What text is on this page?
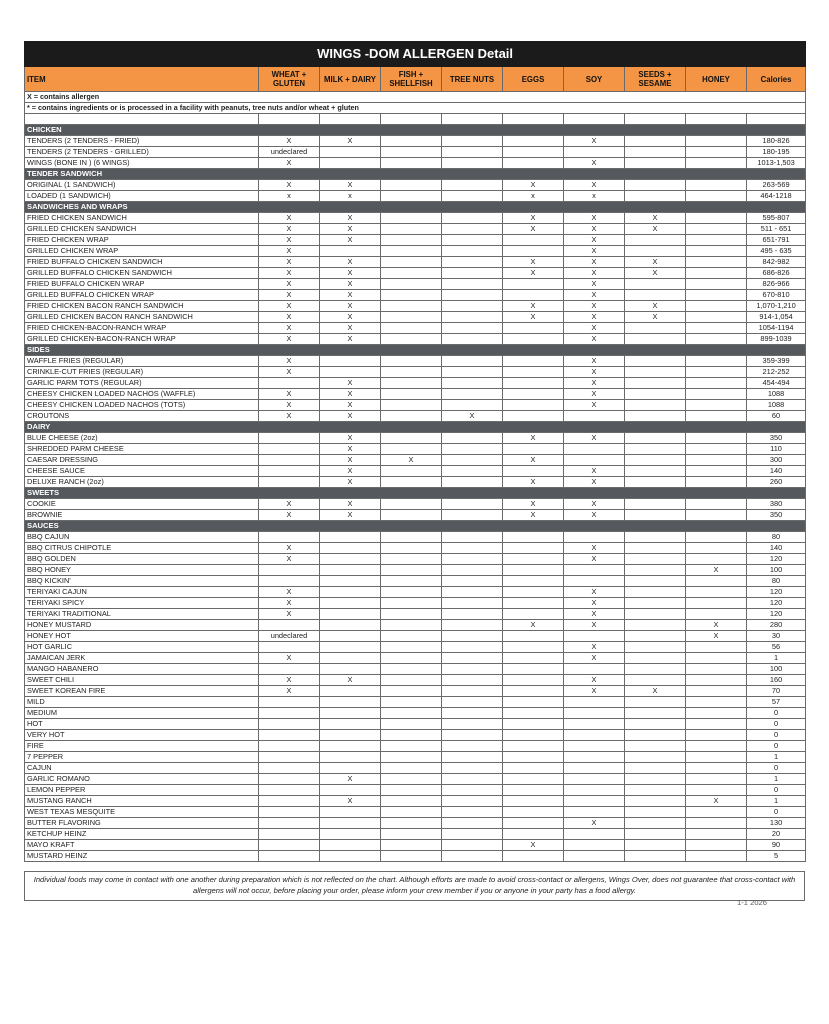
WINGS -DOM ALLERGEN Detail									
ITEM	WHEAT + GLUTEN	MILK + DAIRY	FISH + SHELLFISH	TREE NUTS	EGGS	SOY	SEEDS + SESAME	HONEY	Calories
X = contains allergen									
* = contains ingredients or is processed in a facility with peanuts, tree nuts and/or wheat + gluten									

CHICKEN									
TENDERS (2 TENDERS - FRIED)	X	X				X			180-826
TENDERS (2 TENDERS - GRILLED)	undeclared								180-195
WINGS (BONE IN ) (6 WINGS)	X					X			1013-1,503
TENDER SANDWICH									
ORIGINAL (1 SANDWICH)	X	X			X	X			263-569
LOADED (1 SANDWICH)	x	x			x	x			464-1218
SANDWICHES AND WRAPS									
FRIED CHICKEN SANDWICH	X	X			X	X	X		595-807
GRILLED CHICKEN SANDWICH	X	X			X	X	X		511 - 651
FRIED CHICKEN WRAP	X	X				X			651-791
GRILLED CHICKEN WRAP	X					X			495 - 635
FRIED BUFFALO CHICKEN SANDWICH	X	X			X	X	X		842-982
GRILLED BUFFALO CHICKEN SANDWICH	X	X			X	X	X		686-826
FRIED BUFFALO CHICKEN WRAP	X	X				X			826-966
GRILLED BUFFALO CHICKEN WRAP	X	X				X			670-810
FRIED CHICKEN BACON RANCH SANDWICH	X	X			X	X	X		1,070-1,210
GRILLED CHICKEN BACON RANCH SANDWICH	X	X			X	X	X		914-1,054
FRIED CHICKEN-BACON-RANCH WRAP	X	X				X			1054-1194
GRILLED CHICKEN-BACON-RANCH WRAP	X	X				X			899-1039
SIDES									
WAFFLE FRIES (REGULAR)	X					X			359-399
CRINKLE-CUT FRIES (REGULAR)	X					X			212-252
GARLIC PARM TOTS (REGULAR)		X				X			454-494
CHEESY CHICKEN LOADED NACHOS (WAFFLE)	X	X				X			1088
CHEESY CHICKEN LOADED NACHOS (TOTS)	X	X				X			1088
CROUTONS	X	X		X					60
DAIRY									
BLUE CHEESE (2oz)		X			X	X			350
SHREDDED PARM CHEESE		X							110
CAESAR DRESSING		X	X		X				300
CHEESE SAUCE		X				X			140
DELUXE RANCH (2oz)		X			X	X			260
SWEETS									
COOKIE	X	X			X	X			380
BROWNIE	X	X			X	X			350
SAUCES									
BBQ CAJUN									80
BBQ CITRUS CHIPOTLE	X					X			140
BBQ GOLDEN	X					X			120
BBQ HONEY								X	100
BBQ KICKIN'									80
TERIYAKI CAJUN	X					X			120
TERIYAKI SPICY	X					X			120
TERIYAKI TRADITIONAL	X					X			120
HONEY MUSTARD					X	X		X	280
HONEY HOT	undeclared							X	30
HOT GARLIC						X			56
JAMAICAN JERK	X					X			1
MANGO HABANERO									100
SWEET CHILI	X	X				X			160
SWEET KOREAN FIRE	X					X	X		70
MILD									57
MEDIUM									0
HOT									0
VERY HOT									0
FIRE									0
7 PEPPER									1
CAJUN									0
GARLIC ROMANO		X							1
LEMON PEPPER									0
MUSTANG RANCH		X						X	1
WEST TEXAS MESQUITE									0
BUTTER FLAVORING						X			130
KETCHUP HEINZ									20
MAYO KRAFT					X				90
MUSTARD HEINZ									5
Individual foods may come in contact with one another during preparation which is not reflected on the chart. Although efforts are made to avoid cross-contact or allergens, Wings Over, does not guarantee that cross-contact with allergens will not occur, before placing your order, please inform your crew member if you or anyone in your party has a food allergy.
1-1 2026
